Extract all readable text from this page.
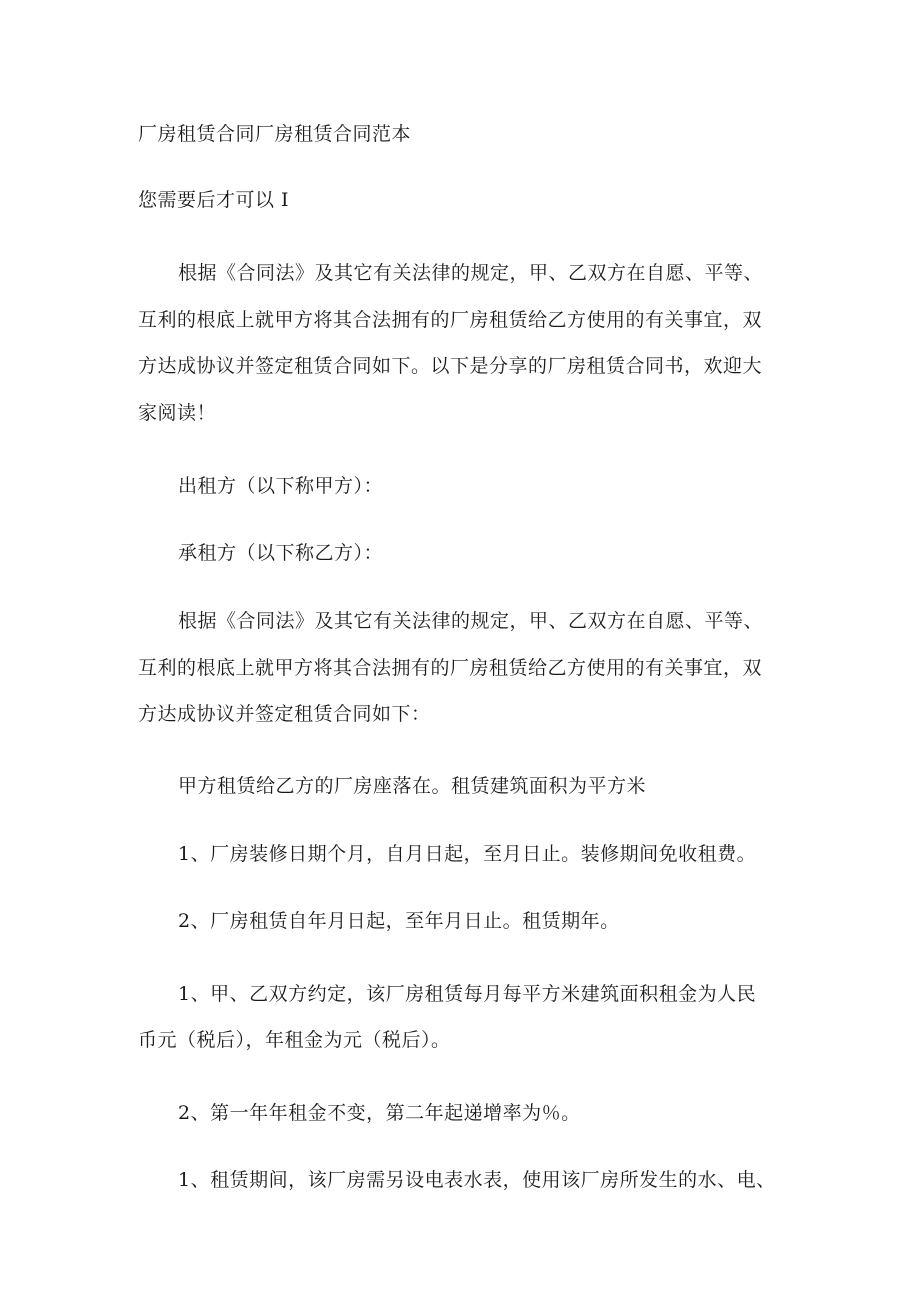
厂房租赁合同厂房租赁合同范本
您需要后才可以 I
根据《合同法》及其它有关法律的规定，甲、乙双方在自愿、平等、
互利的根底上就甲方将其合法拥有的厂房租赁给乙方使用的有关事宜，双
方达成协议并签定租赁合同如下。以下是分享的厂房租赁合同书，欢迎大
家阅读！
出租方（以下称甲方）：
承租方（以下称乙方）：
根据《合同法》及其它有关法律的规定，甲、乙双方在自愿、平等、
互利的根底上就甲方将其合法拥有的厂房租赁给乙方使用的有关事宜，双
方达成协议并签定租赁合同如下：
甲方租赁给乙方的厂房座落在。租赁建筑面积为平方米
1、厂房装修日期个月，自月日起，至月日止。装修期间免收租费。
2、厂房租赁自年月日起，至年月日止。租赁期年。
1、甲、乙双方约定，该厂房租赁每月每平方米建筑面积租金为人民
币元（税后），年租金为元（税后）。
2、第一年年租金不变，第二年起递增率为％。
1、租赁期间，该厂房需另设电表水表，使用该厂房所发生的水、电、
